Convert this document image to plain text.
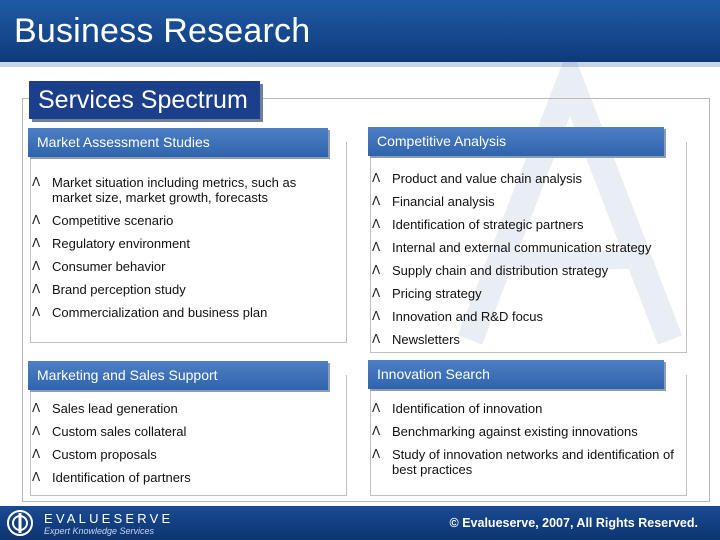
Business Research
Services Spectrum
Market Assessment Studies
ᐱ Market situation including metrics, such as market size, market growth, forecasts
ᐱ Competitive scenario
ᐱ Regulatory environment
ᐱ Consumer behavior
ᐱ Brand perception study
ᐱ Commercialization and business plan
Competitive Analysis
ᐱ Product and value chain analysis
ᐱ Financial analysis
ᐱ Identification of strategic partners
ᐱ Internal and external communication strategy
ᐱ Supply chain and distribution strategy
ᐱ Pricing strategy
ᐱ Innovation and R&D focus
ᐱ Newsletters
Marketing and Sales Support
ᐱ Sales lead generation
ᐱ Custom sales collateral
ᐱ Custom proposals
ᐱ Identification of partners
Innovation Search
ᐱ Identification of innovation
ᐱ Benchmarking against existing innovations
ᐱ Study of innovation networks and identification of best practices
EVALUESERVE
Expert Knowledge Services
© Evalueserve, 2007, All Rights Reserved.
